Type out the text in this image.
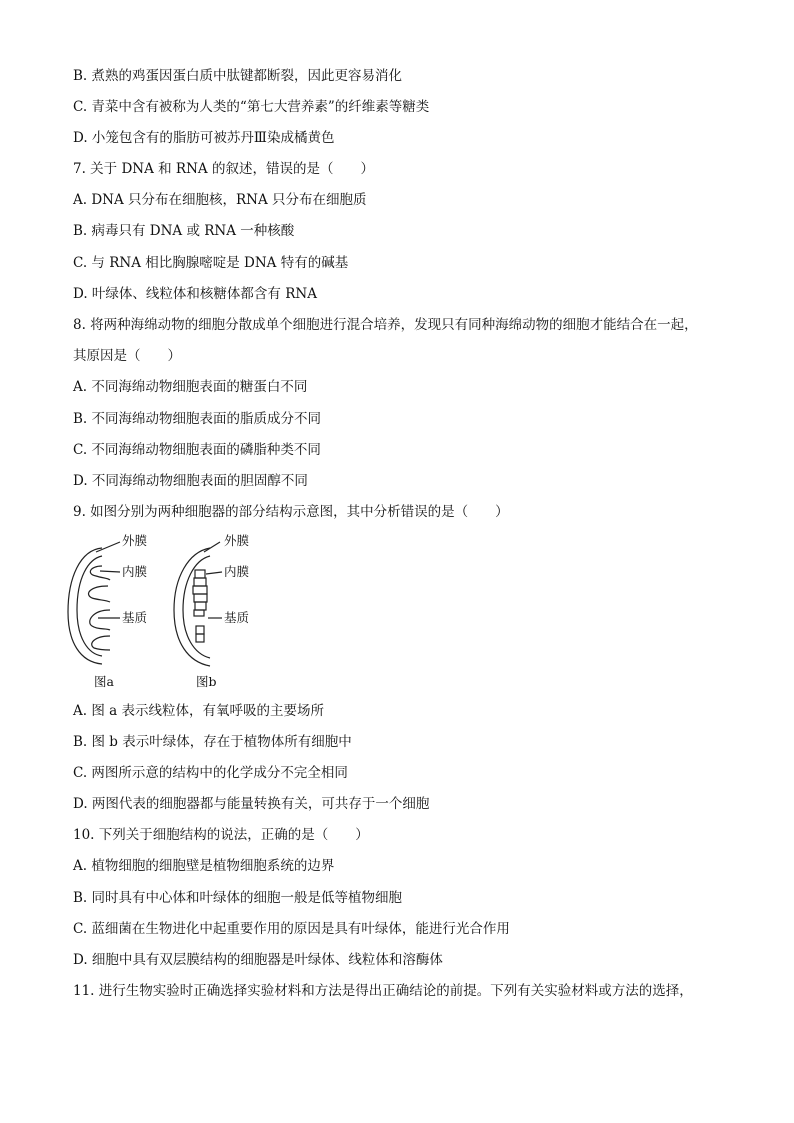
B. 煮熟的鸡蛋因蛋白质中肽键都断裂，因此更容易消化
C. 青菜中含有被称为人类的“第七大营养素”的纤维素等糖类
D. 小笼包含有的脂肪可被苏丹Ⅲ染成橘黄色
7. 关于 DNA 和 RNA 的叙述，错误的是（　　）
A. DNA 只分布在细胞核，RNA 只分布在细胞质
B. 病毒只有 DNA 或 RNA 一种核酸
C. 与 RNA 相比胸腺嘧啶是 DNA 特有的碱基
D. 叶绿体、线粒体和核糖体都含有 RNA
8. 将两种海绵动物的细胞分散成单个细胞进行混合培养，发现只有同种海绵动物的细胞才能结合在一起，
其原因是（　　）
A. 不同海绵动物细胞表面的糖蛋白不同
B. 不同海绵动物细胞表面的脂质成分不同
C. 不同海绵动物细胞表面的磷脂种类不同
D. 不同海绵动物细胞表面的胆固醇不同
9. 如图分别为两种细胞器的部分结构示意图，其中分析错误的是（　　）
外膜
内膜
基质
图a
外膜
内膜
基质
图b
A. 图 a 表示线粒体，有氧呼吸的主要场所
B. 图 b 表示叶绿体，存在于植物体所有细胞中
C. 两图所示意的结构中的化学成分不完全相同
D. 两图代表的细胞器都与能量转换有关，可共存于一个细胞
10. 下列关于细胞结构的说法，正确的是（　　）
A. 植物细胞的细胞壁是植物细胞系统的边界
B. 同时具有中心体和叶绿体的细胞一般是低等植物细胞
C. 蓝细菌在生物进化中起重要作用的原因是具有叶绿体，能进行光合作用
D. 细胞中具有双层膜结构的细胞器是叶绿体、线粒体和溶酶体
11. 进行生物实验时正确选择实验材料和方法是得出正确结论的前提。下列有关实验材料或方法的选择，
